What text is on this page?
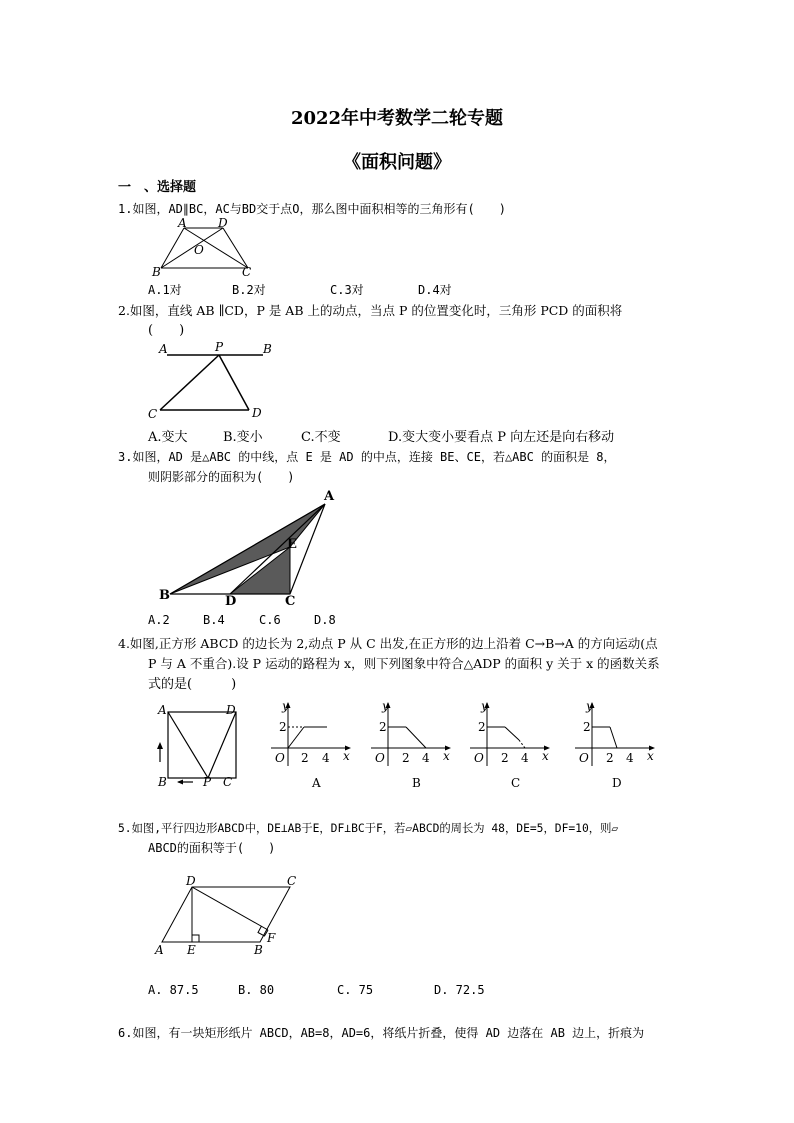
2022年中考数学二轮专题
《面积问题》
一　、选择题
1.如图，AD∥BC，AC与BD交于点O，那么图中面积相等的三角形有(　　)
A	D
O
B	C
A.1对	B.2对	C.3对	D.4对
2.如图，直线 AB ∥CD，P 是 AB 上的动点，当点 P 的位置变化时，三角形 PCD 的面积将
(　　)
A	P	B
C	D
A.变大	B.变小	C.不变	D.变大变小要看点 P 向左还是向右移动
3.如图，AD 是△ABC 的中线，点 E 是 AD 的中点，连接 BE、CE，若△ABC 的面积是 8，
则阴影部分的面积为(　　)
A
E
B	D	C
A.2	B.4	C.6	D.8
4.如图,正方形 ABCD 的边长为 2,动点 P 从 C 出发,在正方形的边上沿着 C→B→A 的方向运动(点
P 与 A 不重合).设 P 运动的路程为 x，则下列图象中符合△ADP 的面积 y 关于 x 的函数关系
式的是(　　　)
A	D
B	P C
y
x
O
2
2 4
A
y
x
O
2
2 4
B
y
x
O
2
2 4
C
y
x
O
2
2 4
D
5.如图,平行四边形ABCD中，DE⊥AB于E，DF⊥BC于F，若▱ABCD的周长为 48，DE=5，DF=10，则▱
ABCD的面积等于(　　)
D	C
A E	B
F
A. 87.5	B. 80	C. 75	D. 72.5
6.如图，有一块矩形纸片 ABCD，AB=8，AD=6，将纸片折叠，使得 AD 边落在 AB 边上，折痕为
